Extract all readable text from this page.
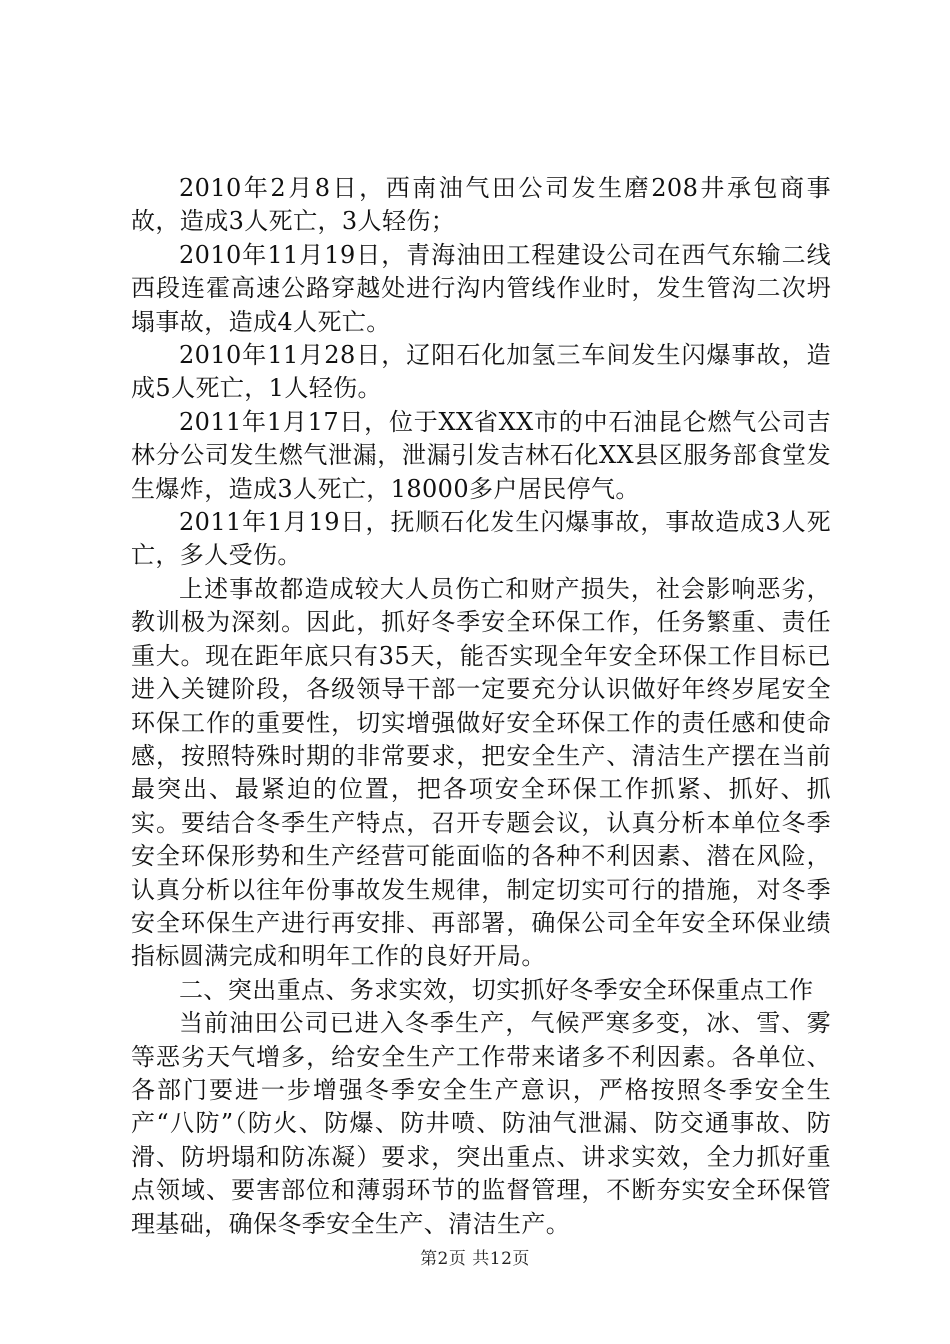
2010年2月8日，西南油气田公司发生磨208井承包商事故，造成3人死亡，3人轻伤；

2010年11月19日，青海油田工程建设公司在西气东输二线西段连霍高速公路穿越处进行沟内管线作业时，发生管沟二次坍塌事故，造成4人死亡。

2010年11月28日，辽阳石化加氢三车间发生闪爆事故，造成5人死亡，1人轻伤。

2011年1月17日，位于XX省XX市的中石油昆仑燃气公司吉林分公司发生燃气泄漏，泄漏引发吉林石化XX县区服务部食堂发生爆炸，造成3人死亡，18000多户居民停气。

2011年1月19日，抚顺石化发生闪爆事故，事故造成3人死亡，多人受伤。

上述事故都造成较大人员伤亡和财产损失，社会影响恶劣，教训极为深刻。因此，抓好冬季安全环保工作，任务繁重、责任重大。现在距年底只有35天，能否实现全年安全环保工作目标已进入关键阶段，各级领导干部一定要充分认识做好年终岁尾安全环保工作的重要性，切实增强做好安全环保工作的责任感和使命感，按照特殊时期的非常要求，把安全生产、清洁生产摆在当前最突出、最紧迫的位置，把各项安全环保工作抓紧、抓好、抓实。要结合冬季生产特点，召开专题会议，认真分析本单位冬季安全环保形势和生产经营可能面临的各种不利因素、潜在风险，认真分析以往年份事故发生规律，制定切实可行的措施，对冬季安全环保生产进行再安排、再部署，确保公司全年安全环保业绩指标圆满完成和明年工作的良好开局。

二、突出重点、务求实效，切实抓好冬季安全环保重点工作

当前油田公司已进入冬季生产，气候严寒多变，冰、雪、雾等恶劣天气增多，给安全生产工作带来诸多不利因素。各单位、各部门要进一步增强冬季安全生产意识，严格按照冬季安全生产“八防”（防火、防爆、防井喷、防油气泄漏、防交通事故、防滑、防坍塌和防冻凝）要求，突出重点、讲求实效，全力抓好重点领域、要害部位和薄弱环节的监督管理，不断夯实安全环保管理基础，确保冬季安全生产、清洁生产。

第2页 共12页
